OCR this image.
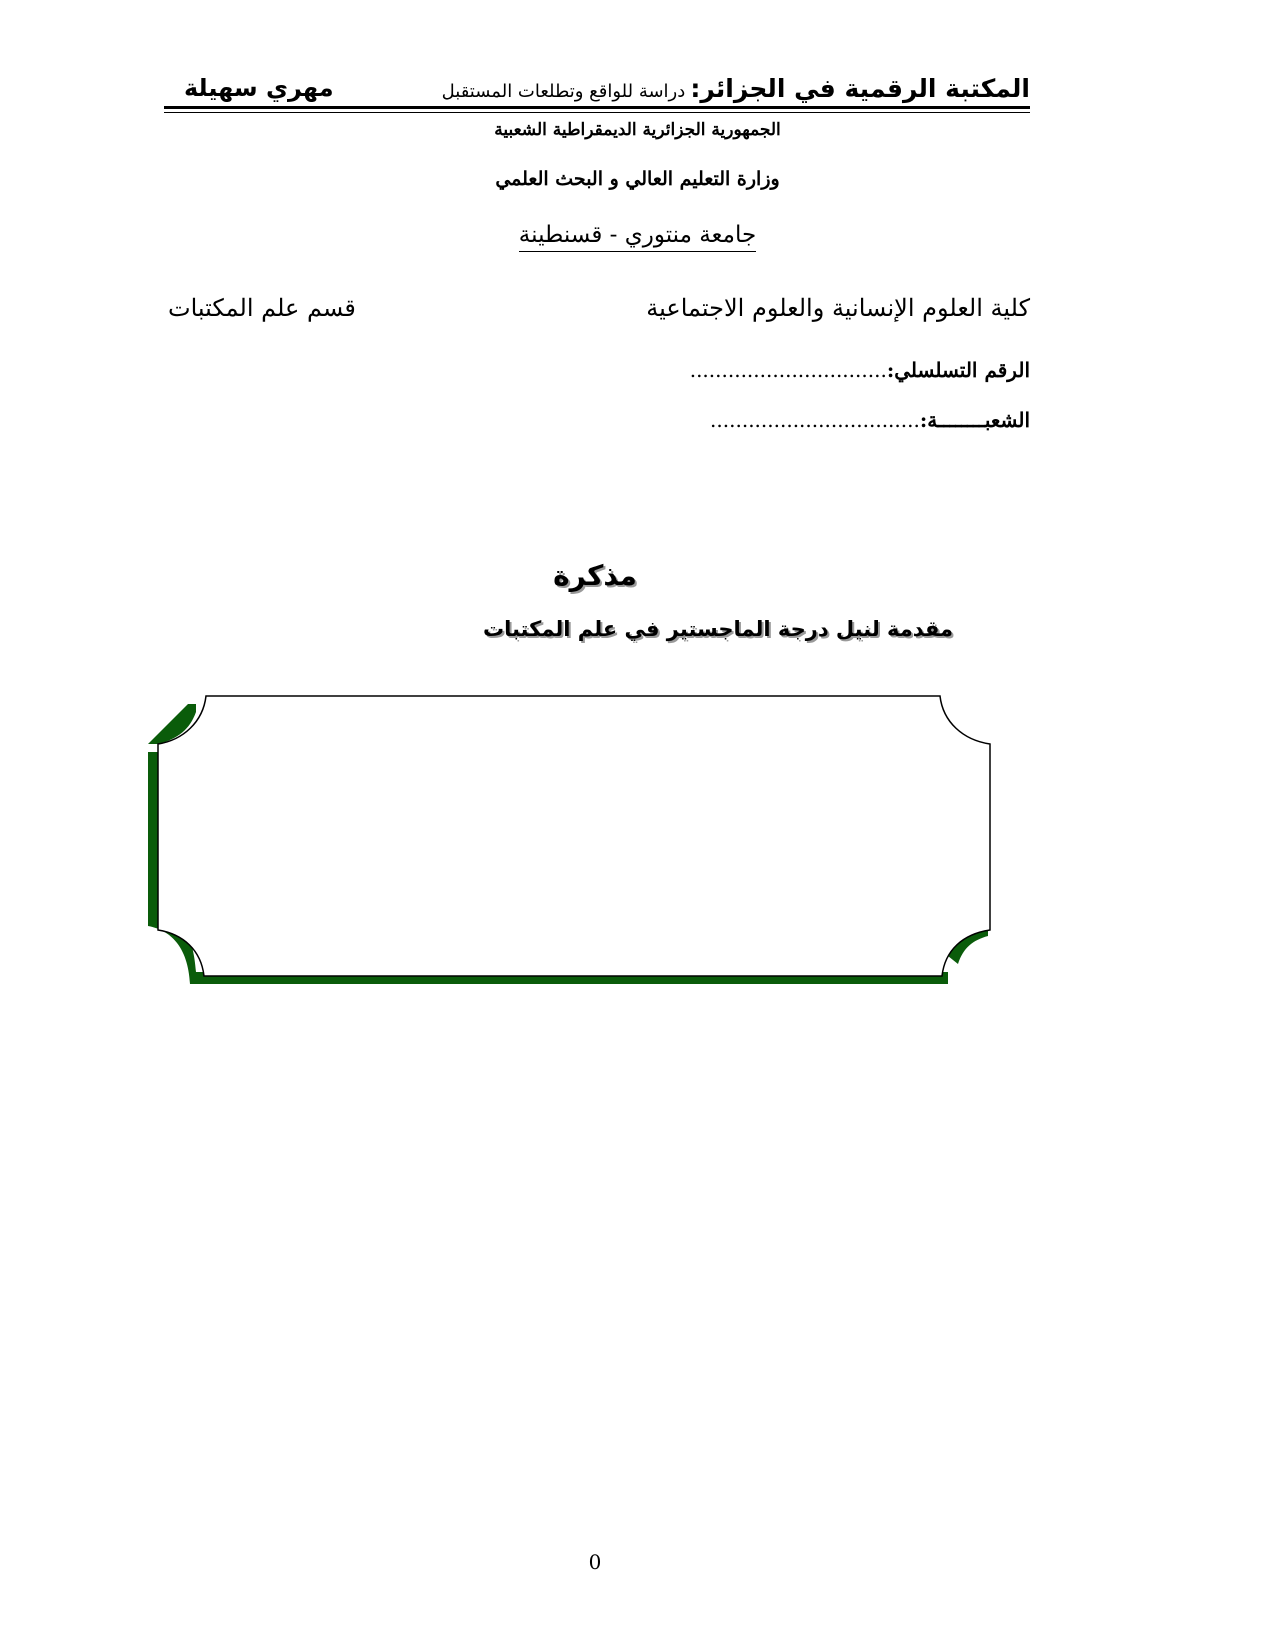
المكتبة الرقمية في الجزائر: دراسة للواقع وتطلعات المستقبل
مهري سهيلة
الجمهورية الجزائرية الديمقراطية الشعبية
وزارة التعليم العالي و البحث العلمي
جامعة منتوري - قسنطينة
كلية العلوم الإنسانية والعلوم الاجتماعية
قسم علم المكتبات
الرقم التسلسلي:...............................
الشعبــــــــة:.................................
مذكرة
مقدمة لنيل درجة الماجستير في علم المكتبات
0
